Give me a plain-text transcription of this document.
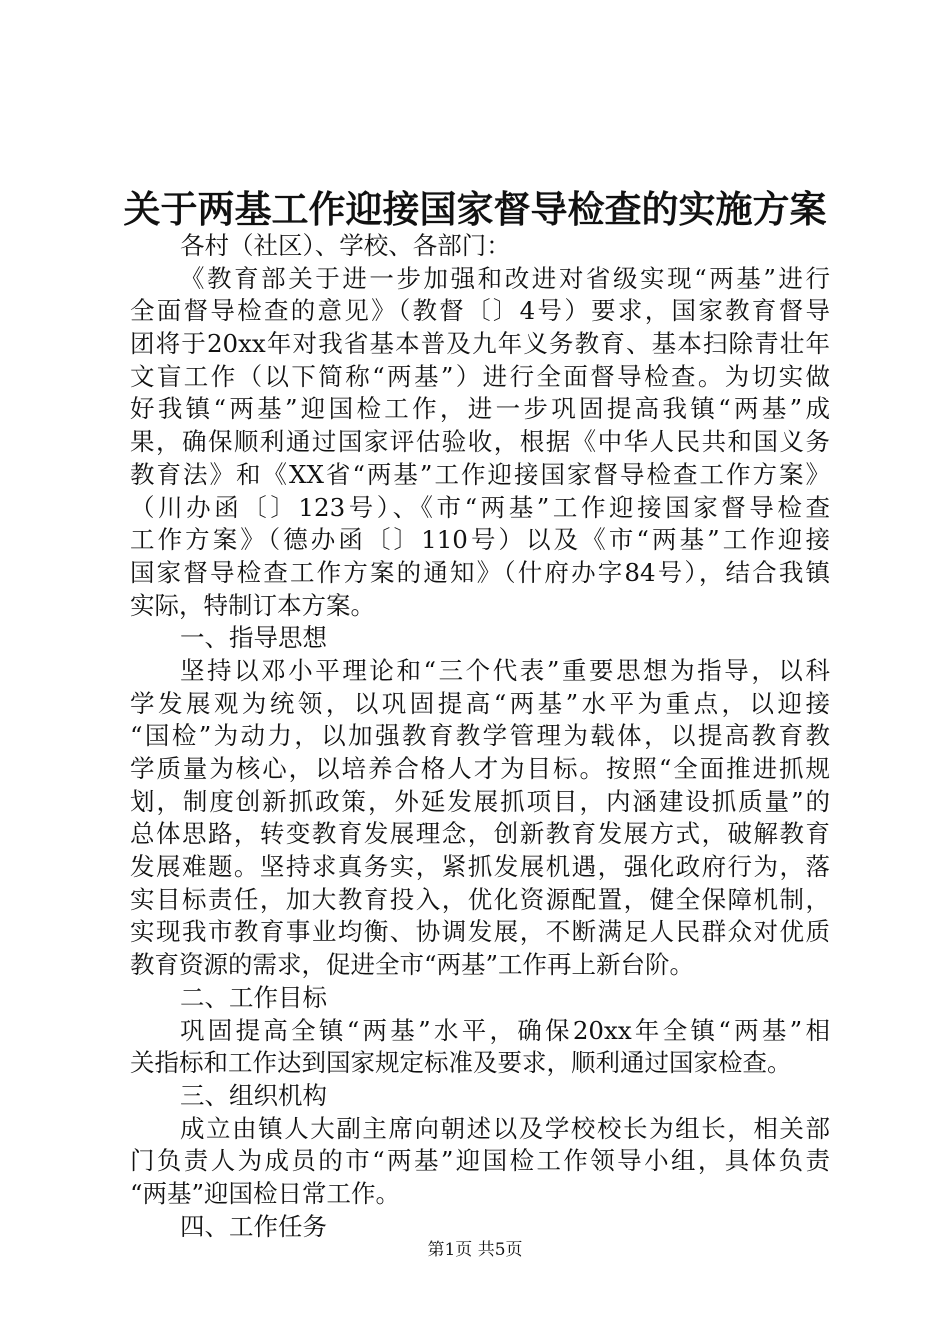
关于两基工作迎接国家督导检查的实施方案
各村（社区）、学校、各部门：
《教育部关于进一步加强和改进对省级实现“两基”进行
全面督导检查的意见》（教督〔〕4号）要求，国家教育督导
团将于20xx年对我省基本普及九年义务教育、基本扫除青壮年
文盲工作（以下简称“两基”）进行全面督导检查。为切实做
好我镇“两基”迎国检工作，进一步巩固提高我镇“两基”成
果，确保顺利通过国家评估验收，根据《中华人民共和国义务
教育法》和《XX省“两基”工作迎接国家督导检查工作方案》
（川办函〔〕123号）、《市“两基”工作迎接国家督导检查
工作方案》（德办函〔〕110号）以及《市“两基”工作迎接
国家督导检查工作方案的通知》（什府办字84号），结合我镇
实际，特制订本方案。
一、指导思想
坚持以邓小平理论和“三个代表”重要思想为指导，以科
学发展观为统领，以巩固提高“两基”水平为重点，以迎接
“国检”为动力，以加强教育教学管理为载体，以提高教育教
学质量为核心，以培养合格人才为目标。按照“全面推进抓规
划，制度创新抓政策，外延发展抓项目，内涵建设抓质量”的
总体思路，转变教育发展理念，创新教育发展方式，破解教育
发展难题。坚持求真务实，紧抓发展机遇，强化政府行为，落
实目标责任，加大教育投入，优化资源配置，健全保障机制，
实现我市教育事业均衡、协调发展，不断满足人民群众对优质
教育资源的需求，促进全市“两基”工作再上新台阶。
二、工作目标
巩固提高全镇“两基”水平，确保20xx年全镇“两基”相
关指标和工作达到国家规定标准及要求，顺利通过国家检查。
三、组织机构
成立由镇人大副主席向朝述以及学校校长为组长，相关部
门负责人为成员的市“两基”迎国检工作领导小组，具体负责
“两基”迎国检日常工作。
四、工作任务
第1页 共5页
